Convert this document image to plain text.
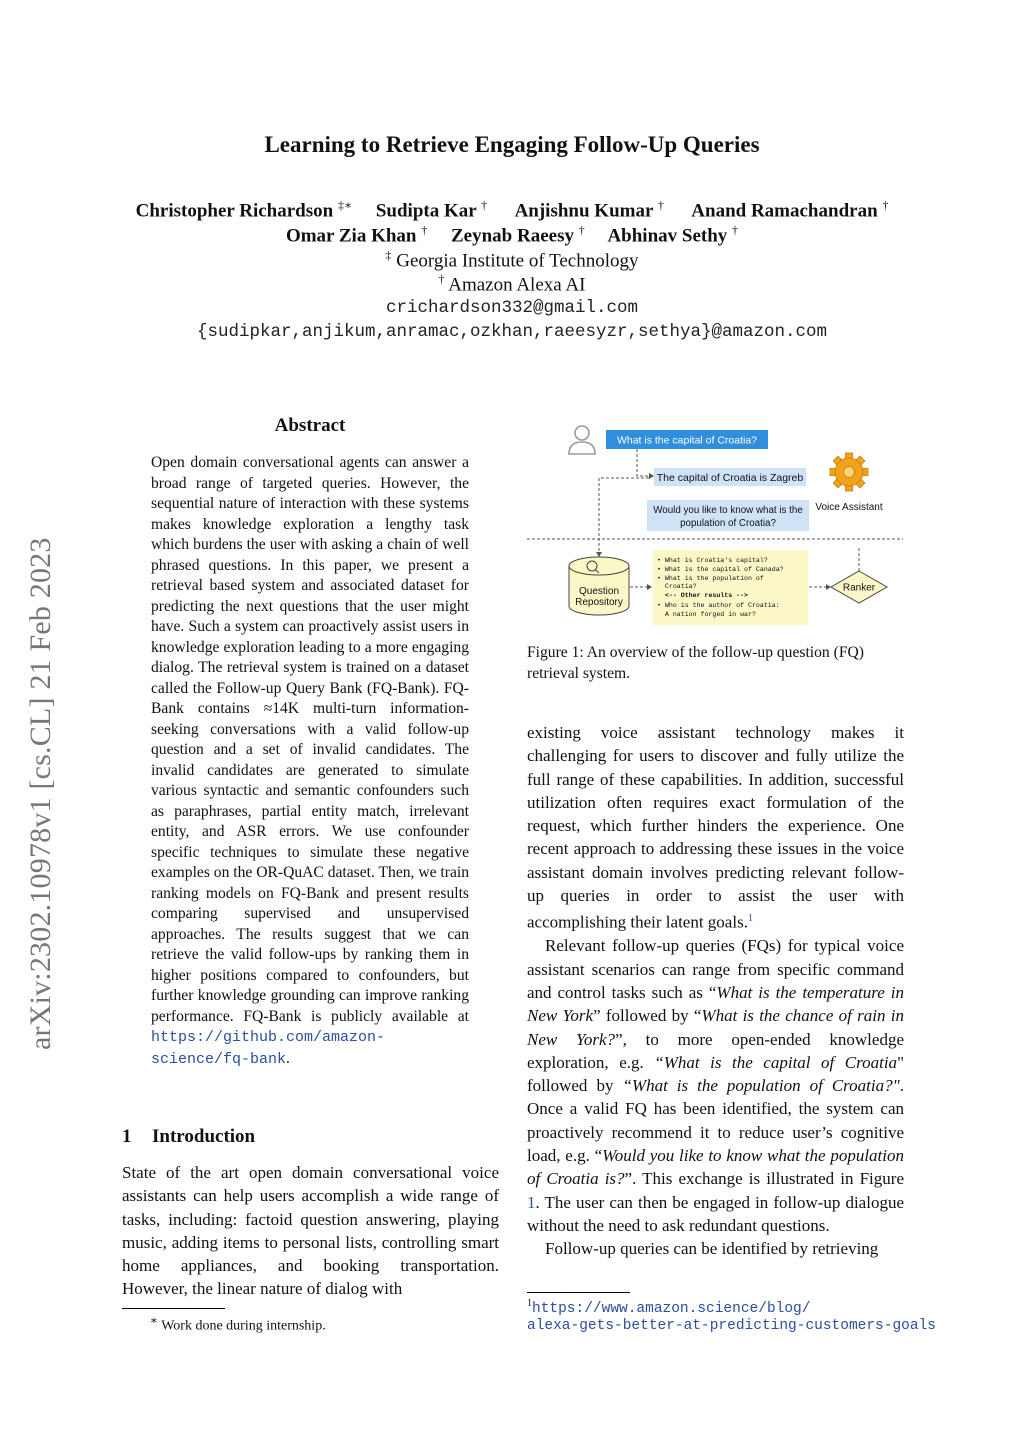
Learning to Retrieve Engaging Follow-Up Queries
Christopher Richardson ‡∗ Sudipta Kar † Anjishnu Kumar † Anand Ramachandran †
Omar Zia Khan † Zeynab Raeesy † Abhinav Sethy †
‡ Georgia Institute of Technology
† Amazon Alexa AI
crichardson332@gmail.com
{sudipkar,anjikum,anramac,ozkhan,raeesyzr,sethya}@amazon.com
arXiv:2302.10978v1 [cs.CL] 21 Feb 2023
Abstract
Open domain conversational agents can answer a broad range of targeted queries. However, the sequential nature of interaction with these systems makes knowledge exploration a lengthy task which burdens the user with asking a chain of well phrased questions. In this paper, we present a retrieval based system and associated dataset for predicting the next questions that the user might have. Such a system can proactively assist users in knowledge exploration leading to a more engaging dialog. The retrieval system is trained on a dataset called the Follow-up Query Bank (FQ-Bank). FQ-Bank contains ≈14K multi-turn information-seeking conversations with a valid follow-up question and a set of invalid candidates. The invalid candidates are generated to simulate various syntactic and semantic confounders such as paraphrases, partial entity match, irrelevant entity, and ASR errors. We use confounder specific techniques to simulate these negative examples on the OR-QuAC dataset. Then, we train ranking models on FQ-Bank and present results comparing supervised and unsupervised approaches. The results suggest that we can retrieve the valid follow-ups by ranking them in higher positions compared to confounders, but further knowledge grounding can improve ranking performance. FQ-Bank is publicly available at https://github.com/amazon-science/fq-bank.
1 Introduction
State of the art open domain conversational voice assistants can help users accomplish a wide range of tasks, including: factoid question answering, playing music, adding items to personal lists, controlling smart home appliances, and booking transportation. However, the linear nature of dialog with
∗ Work done during internship.
What is the capital of Croatia?
The capital of Croatia is Zagreb
Would you like to know what is the
population of Croatia?
Voice Assistant
Question
Repository
• What is Croatia's capital?
• What is the capital of Canada?
• What is the population of
Croatia?
<-- Other results -->
• Who is the author of Croatia:
A nation forged in war?
Ranker
Figure 1: An overview of the follow-up question (FQ) retrieval system.

existing voice assistant technology makes it challenging for users to discover and fully utilize the full range of these capabilities. In addition, successful utilization often requires exact formulation of the request, which further hinders the experience. One recent approach to addressing these issues in the voice assistant domain involves predicting relevant follow-up queries in order to assist the user with accomplishing their latent goals.$^1$

Relevant follow-up queries (FQs) for typical voice assistant scenarios can range from specific command and control tasks such as “What is the temperature in New York” followed by “What is the chance of rain in New York?”, to more open-ended knowledge exploration, e.g. “What is the capital of Croatia" followed by “What is the population of Croatia?". Once a valid FQ has been identified, the system can proactively recommend it to reduce user’s cognitive load, e.g. “Would you like to know what the population of Croatia is?”. This exchange is illustrated in Figure 1. The user can then be engaged in follow-up dialogue without the need to ask redundant questions.

Follow-up queries can be identified by retrieving

$^1$https://www.amazon.science/blog/
alexa-gets-better-at-predicting-customers-goals
